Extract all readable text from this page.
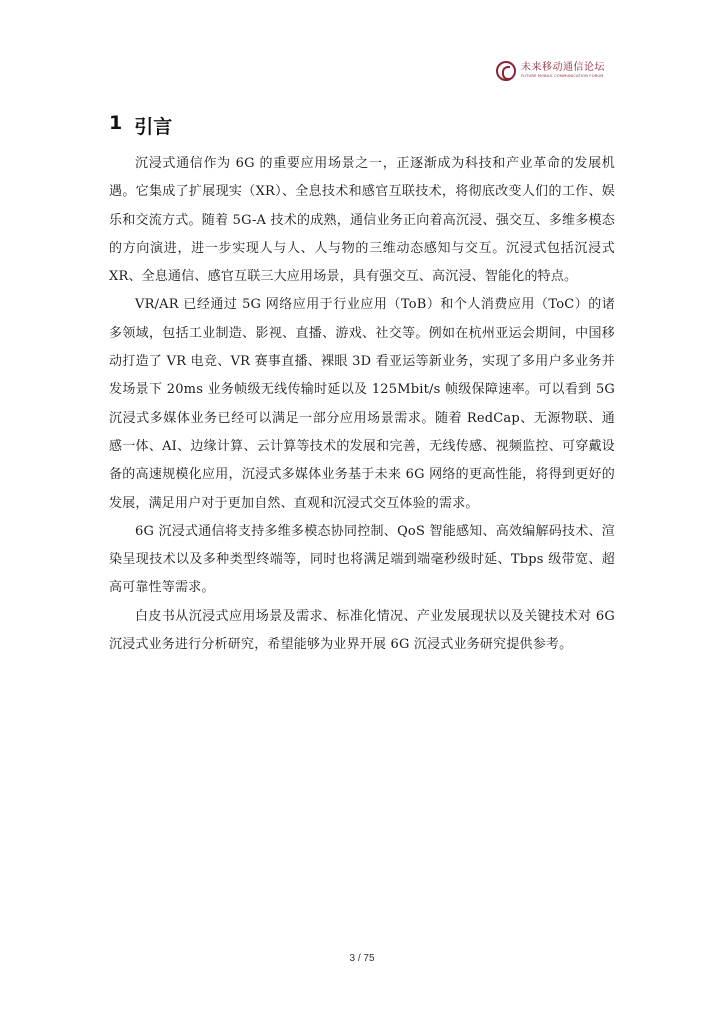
未来移动通信论坛
FUTURE MOBILE COMMUNICATION FORUM
1 引言

沉浸式通信作为 6G 的重要应用场景之一，正逐渐成为科技和产业革命的发展机遇。它集成了扩展现实（XR）、全息技术和感官互联技术，将彻底改变人们的工作、娱乐和交流方式。随着 5G-A 技术的成熟，通信业务正向着高沉浸、强交互、多维多模态的方向演进，进一步实现人与人、人与物的三维动态感知与交互。沉浸式包括沉浸式 XR、全息通信、感官互联三大应用场景，具有强交互、高沉浸、智能化的特点。

VR/AR 已经通过 5G 网络应用于行业应用（ToB）和个人消费应用（ToC）的诸多领域，包括工业制造、影视、直播、游戏、社交等。例如在杭州亚运会期间，中国移动打造了 VR 电竞、VR 赛事直播、裸眼 3D 看亚运等新业务，实现了多用户多业务并发场景下 20ms 业务帧级无线传输时延以及 125Mbit/s 帧级保障速率。可以看到 5G 沉浸式多媒体业务已经可以满足一部分应用场景需求。随着 RedCap、无源物联、通感一体、AI、边缘计算、云计算等技术的发展和完善，无线传感、视频监控、可穿戴设备的高速规模化应用，沉浸式多媒体业务基于未来 6G 网络的更高性能，将得到更好的发展，满足用户对于更加自然、直观和沉浸式交互体验的需求。

6G 沉浸式通信将支持多维多模态协同控制、QoS 智能感知、高效编解码技术、渲染呈现技术以及多种类型终端等，同时也将满足端到端毫秒级时延、Tbps 级带宽、超高可靠性等需求。

白皮书从沉浸式应用场景及需求、标准化情况、产业发展现状以及关键技术对 6G 沉浸式业务进行分析研究，希望能够为业界开展 6G 沉浸式业务研究提供参考。

3 / 75
